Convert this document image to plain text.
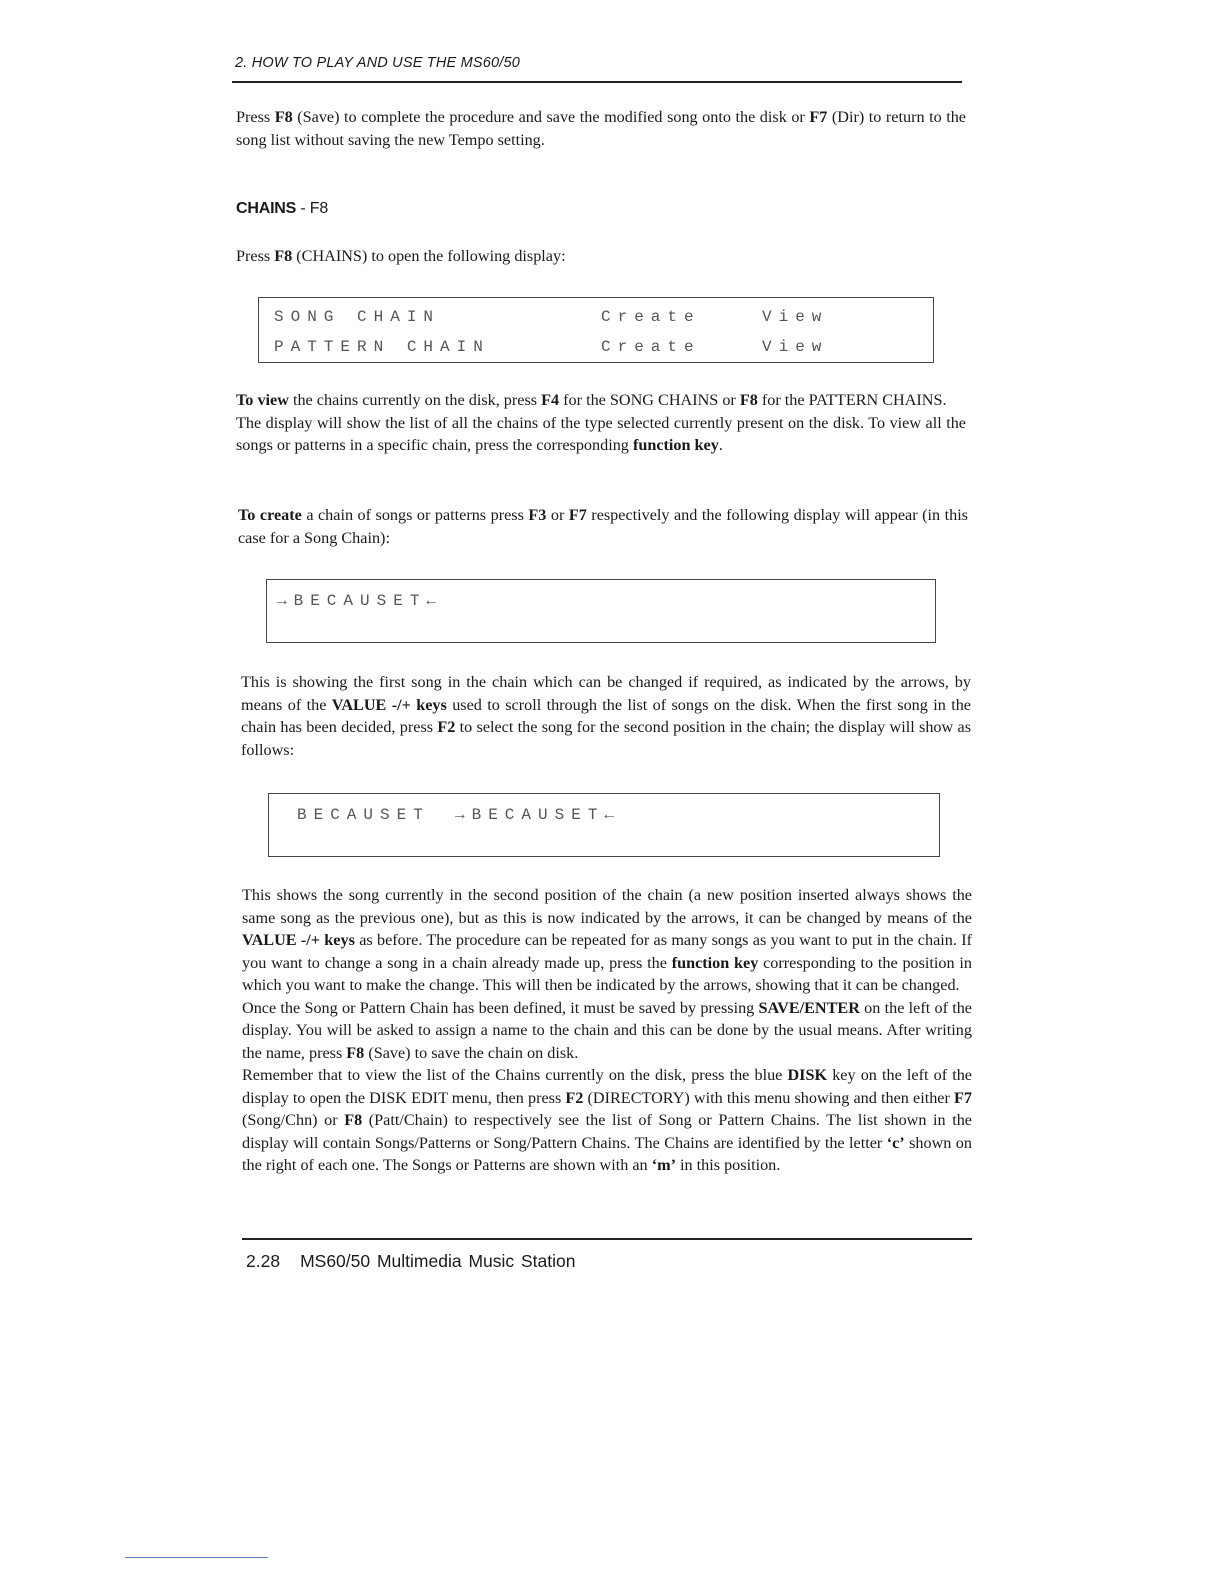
2. HOW TO PLAY AND USE THE MS60/50

Press F8 (Save) to complete the procedure and save the modified song onto the disk or F7 (Dir) to return to the song list without saving the new Tempo setting.

CHAINS - F8

Press F8 (CHAINS) to open the following display:

SONG CHAIN	Create	View
PATTERN CHAIN	Create	View

To view the chains currently on the disk, press F4 for the SONG CHAINS or F8 for the PATTERN CHAINS.
The display will show the list of all the chains of the type selected currently present on the disk. To view all the songs or patterns in a specific chain, press the corresponding function key.

To create a chain of songs or patterns press F3 or F7 respectively and the following display will appear (in this case for a Song Chain):

→BECAUSET←

This is showing the first song in the chain which can be changed if required, as indicated by the arrows, by means of the VALUE -/+ keys used to scroll through the list of songs on the disk. When the first song in the chain has been decided, press F2 to select the song for the second position in the chain; the display will show as follows:

BECAUSET →BECAUSET←

This shows the song currently in the second position of the chain (a new position inserted always shows the same song as the previous one), but as this is now indicated by the arrows, it can be changed by means of the VALUE -/+ keys as before. The procedure can be repeated for as many songs as you want to put in the chain. If you want to change a song in a chain already made up, press the function key corresponding to the position in which you want to make the change. This will then be indicated by the arrows, showing that it can be changed.
Once the Song or Pattern Chain has been defined, it must be saved by pressing SAVE/ENTER on the left of the display. You will be asked to assign a name to the chain and this can be done by the usual means. After writing the name, press F8 (Save) to save the chain on disk.
Remember that to view the list of the Chains currently on the disk, press the blue DISK key on the left of the display to open the DISK EDIT menu, then press F2 (DIRECTORY) with this menu showing and then either F7 (Song/Chn) or F8 (Patt/Chain) to respectively see the list of Song or Pattern Chains. The list shown in the display will contain Songs/Patterns or Song/Pattern Chains. The Chains are identified by the letter ‘c’ shown on the right of each one. The Songs or Patterns are shown with an ‘m’ in this position.

2.28 MS60/50 Multimedia Music Station
